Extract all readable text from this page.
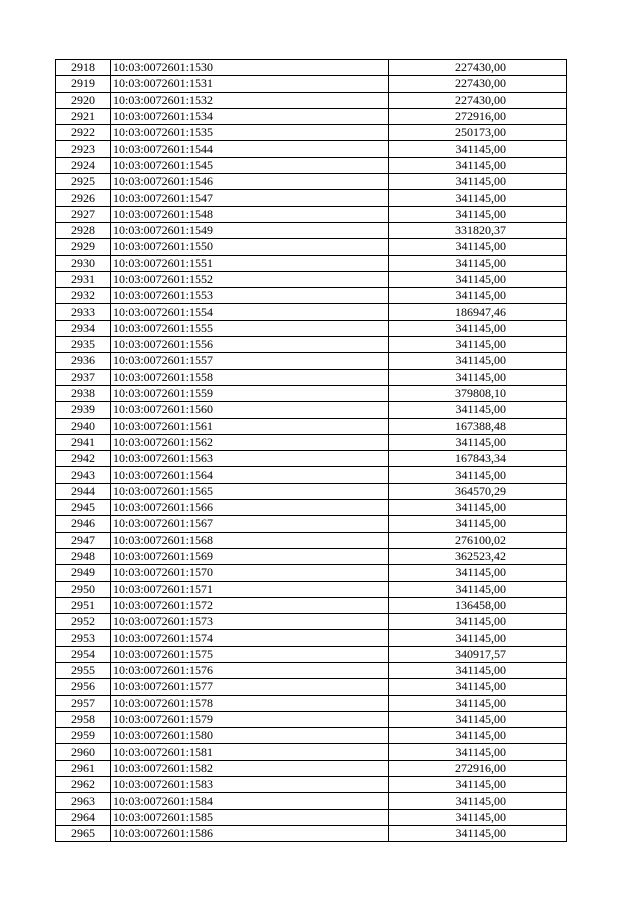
2918	10:03:0072601:1530	227430,00
2919	10:03:0072601:1531	227430,00
2920	10:03:0072601:1532	227430,00
2921	10:03:0072601:1534	272916,00
2922	10:03:0072601:1535	250173,00
2923	10:03:0072601:1544	341145,00
2924	10:03:0072601:1545	341145,00
2925	10:03:0072601:1546	341145,00
2926	10:03:0072601:1547	341145,00
2927	10:03:0072601:1548	341145,00
2928	10:03:0072601:1549	331820,37
2929	10:03:0072601:1550	341145,00
2930	10:03:0072601:1551	341145,00
2931	10:03:0072601:1552	341145,00
2932	10:03:0072601:1553	341145,00
2933	10:03:0072601:1554	186947,46
2934	10:03:0072601:1555	341145,00
2935	10:03:0072601:1556	341145,00
2936	10:03:0072601:1557	341145,00
2937	10:03:0072601:1558	341145,00
2938	10:03:0072601:1559	379808,10
2939	10:03:0072601:1560	341145,00
2940	10:03:0072601:1561	167388,48
2941	10:03:0072601:1562	341145,00
2942	10:03:0072601:1563	167843,34
2943	10:03:0072601:1564	341145,00
2944	10:03:0072601:1565	364570,29
2945	10:03:0072601:1566	341145,00
2946	10:03:0072601:1567	341145,00
2947	10:03:0072601:1568	276100,02
2948	10:03:0072601:1569	362523,42
2949	10:03:0072601:1570	341145,00
2950	10:03:0072601:1571	341145,00
2951	10:03:0072601:1572	136458,00
2952	10:03:0072601:1573	341145,00
2953	10:03:0072601:1574	341145,00
2954	10:03:0072601:1575	340917,57
2955	10:03:0072601:1576	341145,00
2956	10:03:0072601:1577	341145,00
2957	10:03:0072601:1578	341145,00
2958	10:03:0072601:1579	341145,00
2959	10:03:0072601:1580	341145,00
2960	10:03:0072601:1581	341145,00
2961	10:03:0072601:1582	272916,00
2962	10:03:0072601:1583	341145,00
2963	10:03:0072601:1584	341145,00
2964	10:03:0072601:1585	341145,00
2965	10:03:0072601:1586	341145,00
